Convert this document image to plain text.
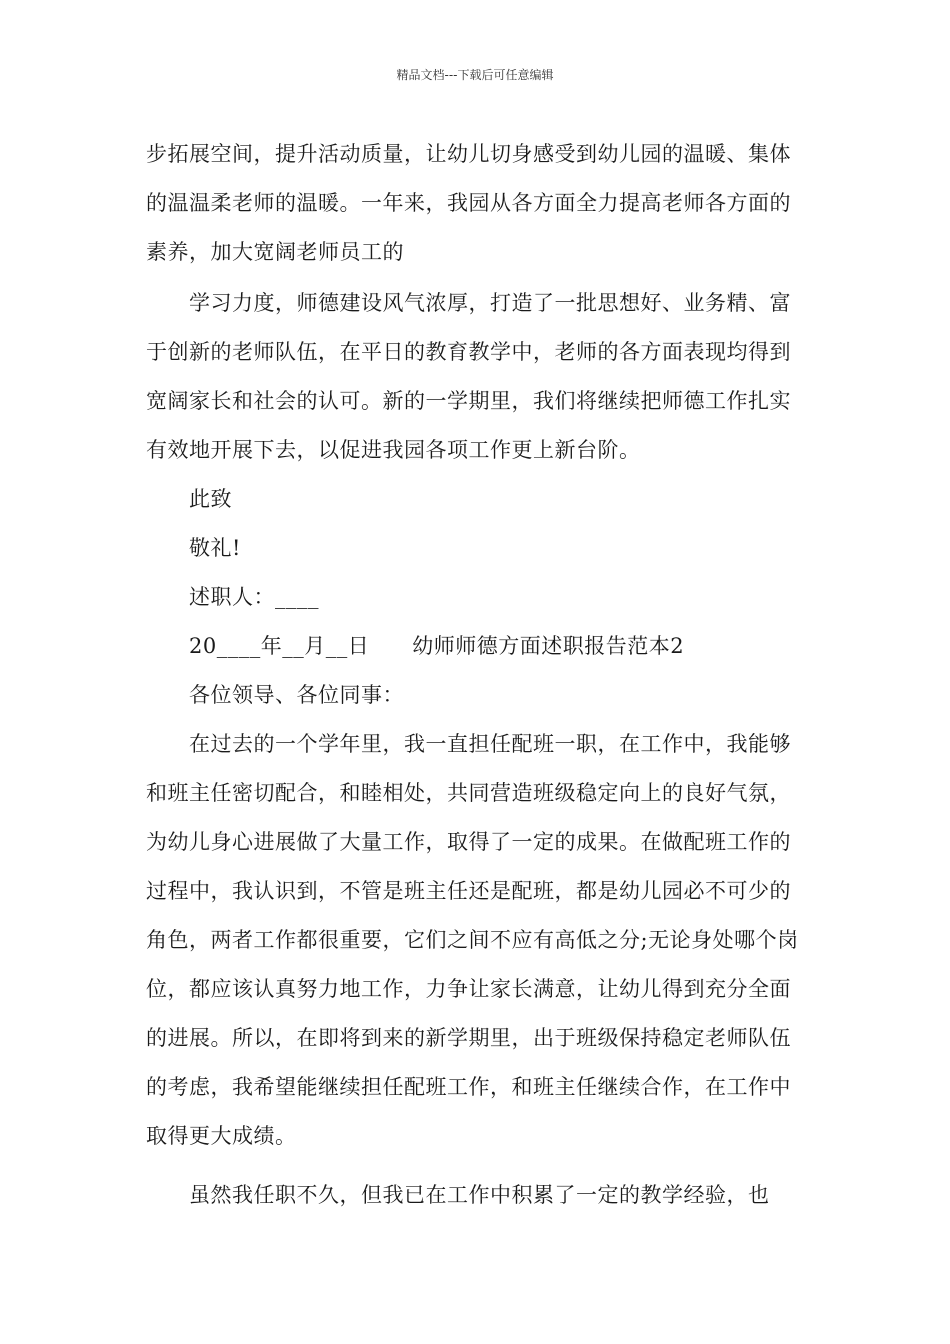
精品文档---下载后可任意编辑

步拓展空间，提升活动质量，让幼儿切身感受到幼儿园的温暖、集体的温温柔老师的温暖。一年来，我园从各方面全力提高老师各方面的素养，加大宽阔老师员工的

学习力度，师德建设风气浓厚，打造了一批思想好、业务精、富于创新的老师队伍，在平日的教育教学中，老师的各方面表现均得到宽阔家长和社会的认可。新的一学期里，我们将继续把师德工作扎实有效地开展下去，以促进我园各项工作更上新台阶。

此致

敬礼!

述职人：____

20____年__月__日      幼师师德方面述职报告范本2

各位领导、各位同事：

在过去的一个学年里，我一直担任配班一职，在工作中，我能够和班主任密切配合，和睦相处，共同营造班级稳定向上的良好气氛，为幼儿身心进展做了大量工作，取得了一定的成果。在做配班工作的过程中，我认识到，不管是班主任还是配班，都是幼儿园必不可少的角色，两者工作都很重要，它们之间不应有高低之分;无论身处哪个岗位，都应该认真努力地工作，力争让家长满意，让幼儿得到充分全面的进展。所以，在即将到来的新学期里，出于班级保持稳定老师队伍的考虑，我希望能继续担任配班工作，和班主任继续合作，在工作中取得更大成绩。

虽然我任职不久，但我已在工作中积累了一定的教学经验，也
